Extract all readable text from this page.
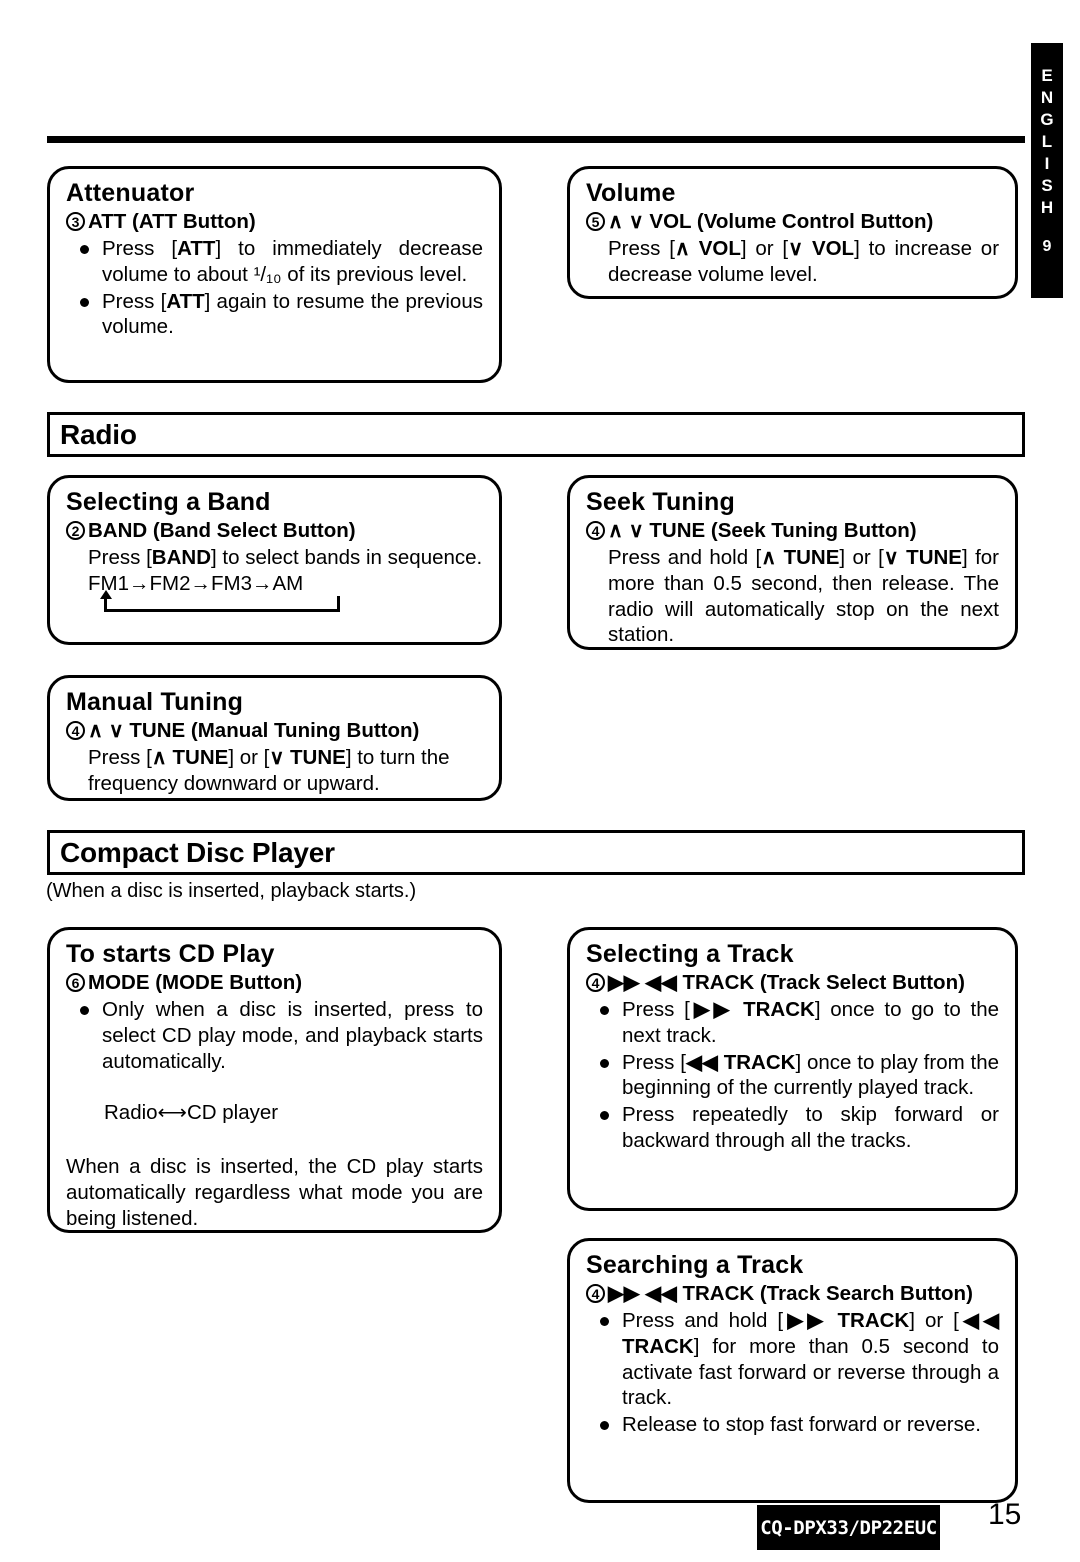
E
N
G
L
I
S
H
9
Attenuator
3 ATT (ATT Button)
Press [ATT] to immediately decrease volume to about ¹/₁₀ of its previous level.
Press [ATT] again to resume the previous volume.
Volume
5 ∧ ∨ VOL (Volume Control Button)

Press [∧ VOL] or [∨ VOL] to increase or decrease volume level.

Radio
Selecting a Band
2 BAND (Band Select Button)

Press [BAND] to select bands in sequence.

FM1→FM2→FM3→AM
Seek Tuning
4 ∧ ∨ TUNE (Seek Tuning Button)

Press and hold [∧ TUNE] or [∨ TUNE] for more than 0.5 second, then release. The radio will automatically stop on the next station.

Manual Tuning
4 ∧ ∨ TUNE (Manual Tuning Button)

Press [∧ TUNE] or [∨ TUNE] to turn the frequency downward or upward.

Compact Disc Player
(When a disc is inserted, playback starts.)
To starts CD Play
6 MODE (MODE Button)
Only when a disc is inserted, press to select CD play mode, and playback starts automatically.

Radio⟷CD player

When a disc is inserted, the CD play starts automatically regardless what mode you are being listened.

Selecting a Track
4 ▶▶ ◀◀ TRACK (Track Select Button)
Press [▶▶ TRACK] once to go to the next track.
Press [◀◀ TRACK] once to play from the beginning of the currently played track.
Press repeatedly to skip forward or backward through all the tracks.
Searching a Track
4 ▶▶ ◀◀ TRACK (Track Search Button)
Press and hold [▶▶ TRACK] or [◀◀ TRACK] for more than 0.5 second to activate fast forward or reverse through a track.
Release to stop fast forward or reverse.
CQ-DPX33/DP22EUC 15
